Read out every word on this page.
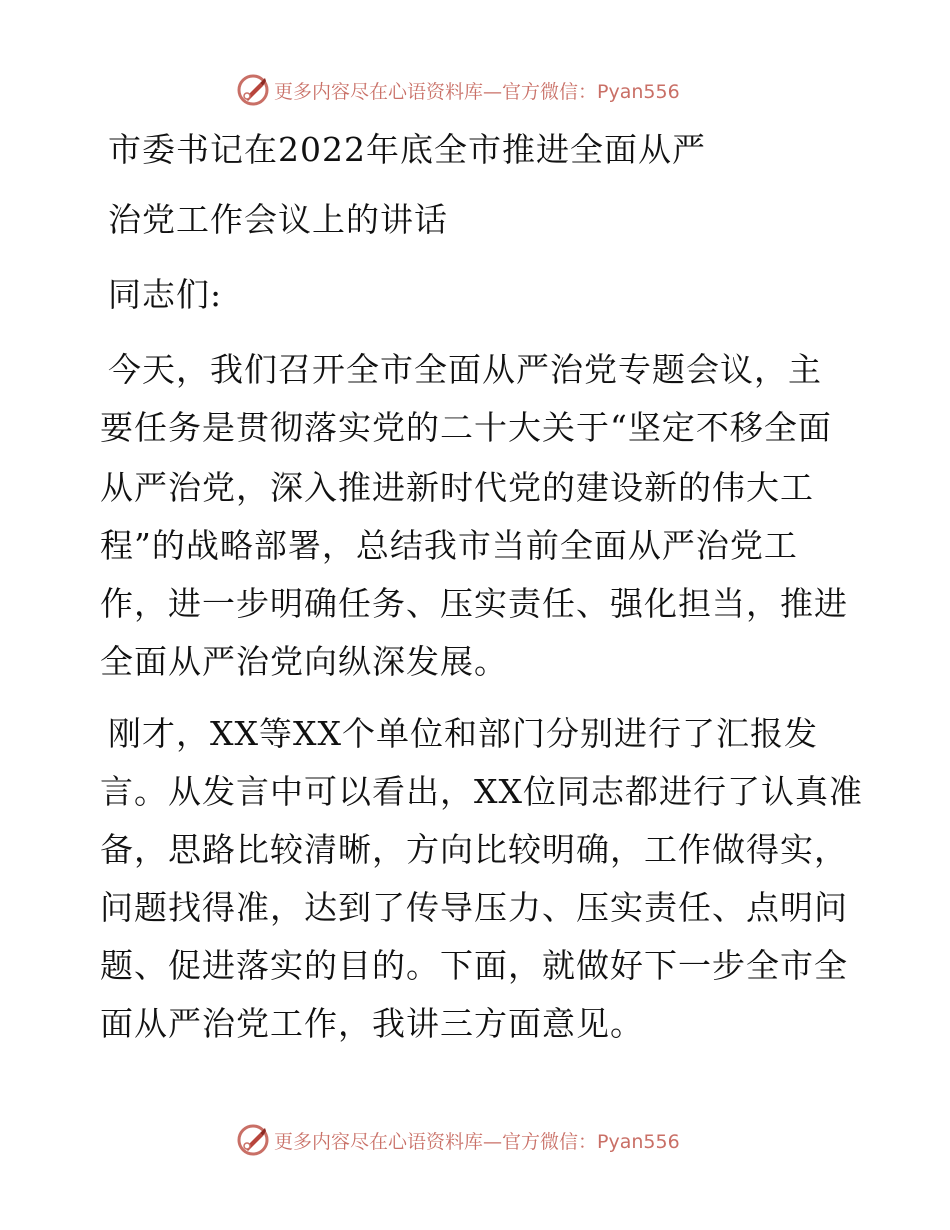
更多内容尽在心语资料库—官方微信：Pyan556
市委书记在2022年底全市推进全面从严
治党工作会议上的讲话
同志们:
今天，我们召开全市全面从严治党专题会议，主
要任务是贯彻落实党的二十大关于“坚定不移全面
从严治党，深入推进新时代党的建设新的伟大工
程”的战略部署，总结我市当前全面从严治党工
作，进一步明确任务、压实责任、强化担当，推进
全面从严治党向纵深发展。
刚才，XX等XX个单位和部门分别进行了汇报发
言。从发言中可以看出，XX位同志都进行了认真准
备，思路比较清晰，方向比较明确，工作做得实，
问题找得准，达到了传导压力、压实责任、点明问
题、促进落实的目的。下面，就做好下一步全市全
面从严治党工作，我讲三方面意见。
更多内容尽在心语资料库—官方微信：Pyan556
